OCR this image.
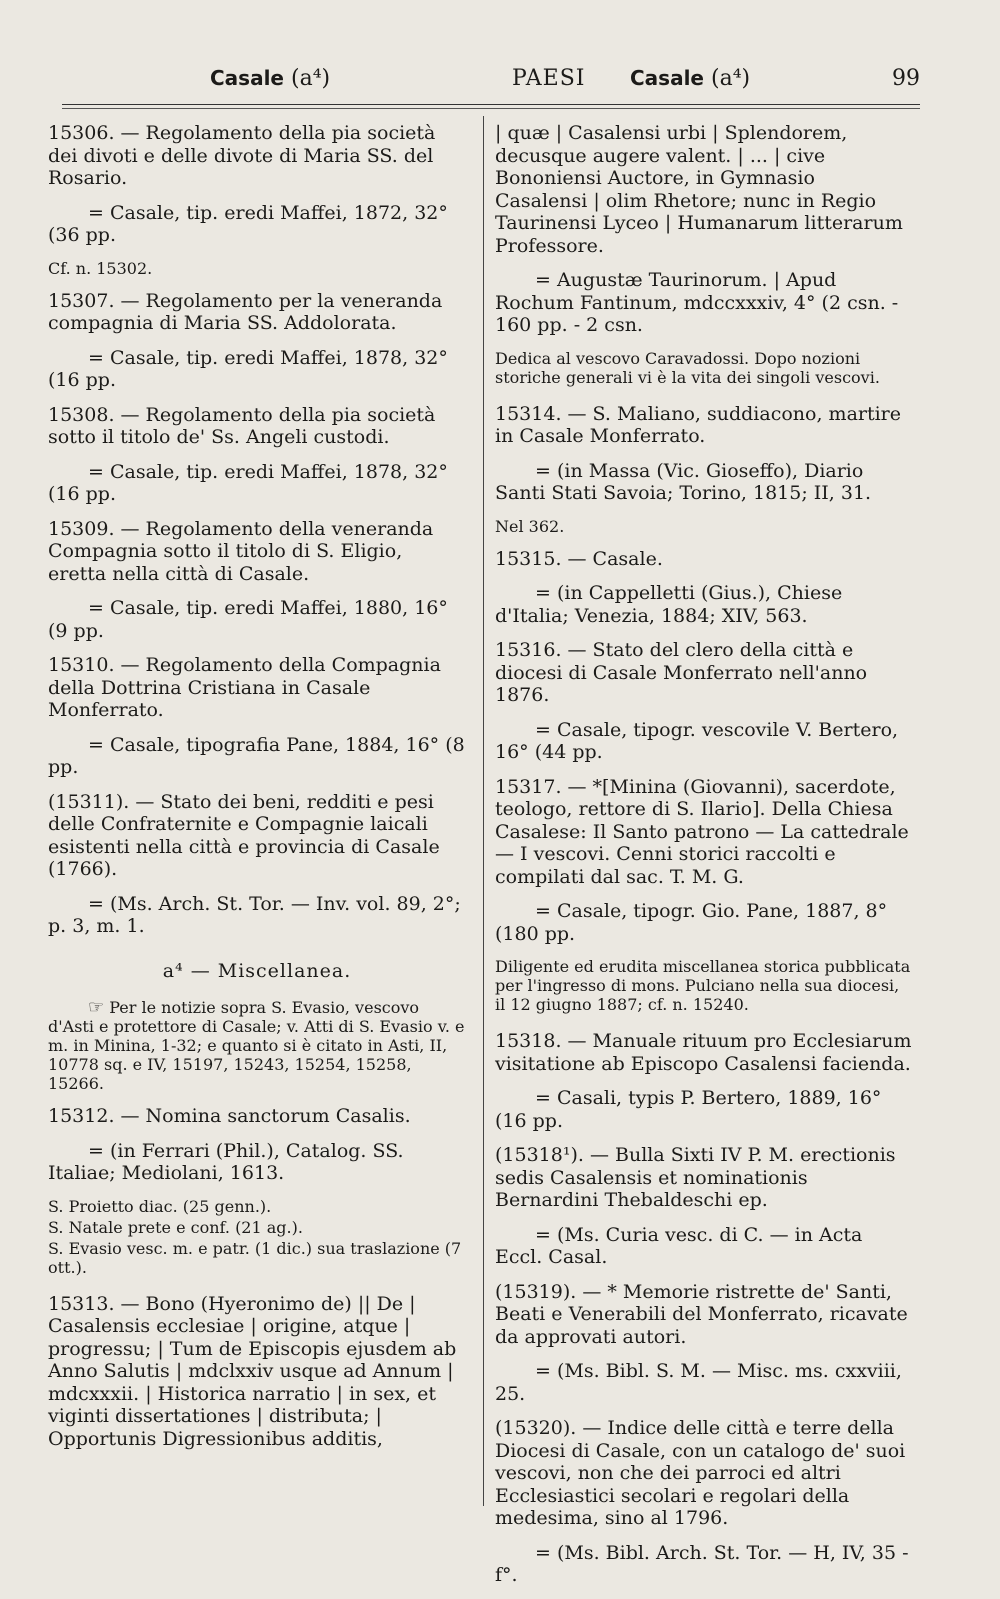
Casale (a⁴)	PAESI Casale (a⁴)	99

15306. — Regolamento della pia società dei divoti e delle divote di Maria SS. del Rosario.

= Casale, tip. eredi Maffei, 1872, 32° (36 pp.

Cf. n. 15302.

15307. — Regolamento per la veneranda compagnia di Maria SS. Addolorata.

= Casale, tip. eredi Maffei, 1878, 32° (16 pp.

15308. — Regolamento della pia società sotto il titolo de' Ss. Angeli custodi.

= Casale, tip. eredi Maffei, 1878, 32° (16 pp.

15309. — Regolamento della veneranda Compagnia sotto il titolo di S. Eligio, eretta nella città di Casale.

= Casale, tip. eredi Maffei, 1880, 16° (9 pp.

15310. — Regolamento della Compagnia della Dottrina Cristiana in Casale Monferrato.

= Casale, tipografia Pane, 1884, 16° (8 pp.

(15311). — Stato dei beni, redditi e pesi delle Confraternite e Compagnie laicali esistenti nella città e provincia di Casale (1766).

= (Ms. Arch. St. Tor. — Inv. vol. 89, 2°; p. 3, m. 1.

a⁴ — Miscellanea.

☞ Per le notizie sopra S. Evasio, vescovo d'Asti e protettore di Casale; v. Atti di S. Evasio v. e m. in Minina, 1-32; e quanto si è citato in Asti, II, 10778 sq. e IV, 15197, 15243, 15254, 15258, 15266.

15312. — Nomina sanctorum Casalis.

= (in Ferrari (Phil.), Catalog. SS. Italiae; Mediolani, 1613.

S. Proietto diac. (25 genn.).

S. Natale prete e conf. (21 ag.).

S. Evasio vesc. m. e patr. (1 dic.) sua traslazione (7 ott.).

15313. — Bono (Hyeronimo de) || De | Casalensis ecclesiae | origine, atque | progressu; | Tum de Episcopis ejusdem ab Anno Salutis | mdclxxiv usque ad Annum | mdcxxxii. | Historica narratio | in sex, et viginti dissertationes | distributa; | Opportunis Digressionibus additis,

| quæ | Casalensi urbi | Splendorem, decusque augere valent. | ... | cive Bononiensi Auctore, in Gymnasio Casalensi | olim Rhetore; nunc in Regio Taurinensi Lyceo | Humanarum litterarum Professore.

= Augustæ Taurinorum. | Apud Rochum Fantinum, mdccxxxiv, 4° (2 csn. - 160 pp. - 2 csn.

Dedica al vescovo Caravadossi. Dopo nozioni storiche generali vi è la vita dei singoli vescovi.

15314. — S. Maliano, suddiacono, martire in Casale Monferrato.

= (in Massa (Vic. Gioseffo), Diario Santi Stati Savoia; Torino, 1815; II, 31.

Nel 362.

15315. — Casale.

= (in Cappelletti (Gius.), Chiese d'Italia; Venezia, 1884; XIV, 563.

15316. — Stato del clero della città e diocesi di Casale Monferrato nell'anno 1876.

= Casale, tipogr. vescovile V. Bertero, 16° (44 pp.

15317. — *[Minina (Giovanni), sacerdote, teologo, rettore di S. Ilario]. Della Chiesa Casalese: Il Santo patrono — La cattedrale — I vescovi. Cenni storici raccolti e compilati dal sac. T. M. G.

= Casale, tipogr. Gio. Pane, 1887, 8° (180 pp.

Diligente ed erudita miscellanea storica pubblicata per l'ingresso di mons. Pulciano nella sua diocesi, il 12 giugno 1887; cf. n. 15240.

15318. — Manuale rituum pro Ecclesiarum visitatione ab Episcopo Casalensi facienda.

= Casali, typis P. Bertero, 1889, 16° (16 pp.

(15318¹). — Bulla Sixti IV P. M. erectionis sedis Casalensis et nominationis Bernardini Thebaldeschi ep.

= (Ms. Curia vesc. di C. — in Acta Eccl. Casal.

(15319). — * Memorie ristrette de' Santi, Beati e Venerabili del Monferrato, ricavate da approvati autori.

= (Ms. Bibl. S. M. — Misc. ms. cxxviii, 25.

(15320). — Indice delle città e terre della Diocesi di Casale, con un catalogo de' suoi vescovi, non che dei parroci ed altri Ecclesiastici secolari e regolari della medesima, sino al 1796.

= (Ms. Bibl. Arch. St. Tor. — H, IV, 35 - f°.
